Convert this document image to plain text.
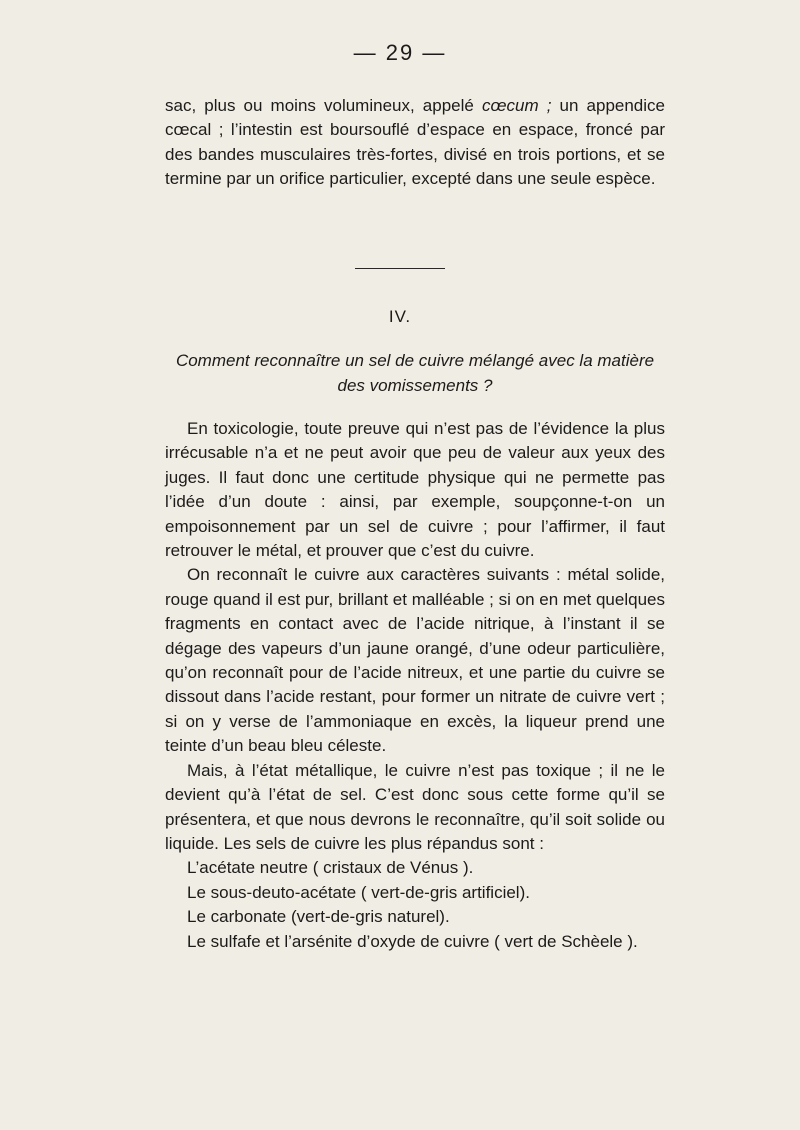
— 29 —

sac, plus ou moins volumineux, appelé cœcum ; un appendice cœcal ; l’intestin est boursouflé d’espace en espace, froncé par des bandes musculaires très-fortes, divisé en trois portions, et se termine par un orifice particulier, excepté dans une seule espèce.

IV.
Comment reconnaître un sel de cuivre mélangé avec la matière
des vomissements ?

En toxicologie, toute preuve qui n’est pas de l’évidence la plus irrécusable n’a et ne peut avoir que peu de valeur aux yeux des juges. Il faut donc une certitude physique qui ne permette pas l’idée d’un doute : ainsi, par exemple, soupçonne-t-on un empoisonnement par un sel de cuivre ; pour l’affirmer, il faut retrouver le métal, et prouver que c’est du cuivre.

On reconnaît le cuivre aux caractères suivants : métal solide, rouge quand il est pur, brillant et malléable ; si on en met quelques fragments en contact avec de l’acide nitrique, à l’instant il se dégage des vapeurs d’un jaune orangé, d’une odeur particulière, qu’on reconnaît pour de l’acide nitreux, et une partie du cuivre se dissout dans l’acide restant, pour former un nitrate de cuivre vert ; si on y verse de l’ammoniaque en excès, la liqueur prend une teinte d’un beau bleu céleste.

Mais, à l’état métallique, le cuivre n’est pas toxique ; il ne le devient qu’à l’état de sel. C’est donc sous cette forme qu’il se présentera, et que nous devrons le reconnaître, qu’il soit solide ou liquide. Les sels de cuivre les plus répandus sont :

L’acétate neutre ( cristaux de Vénus ).

Le sous-deuto-acétate ( vert-de-gris artificiel).

Le carbonate (vert-de-gris naturel).

Le sulfafe et l’arsénite d’oxyde de cuivre ( vert de Schèele ).
